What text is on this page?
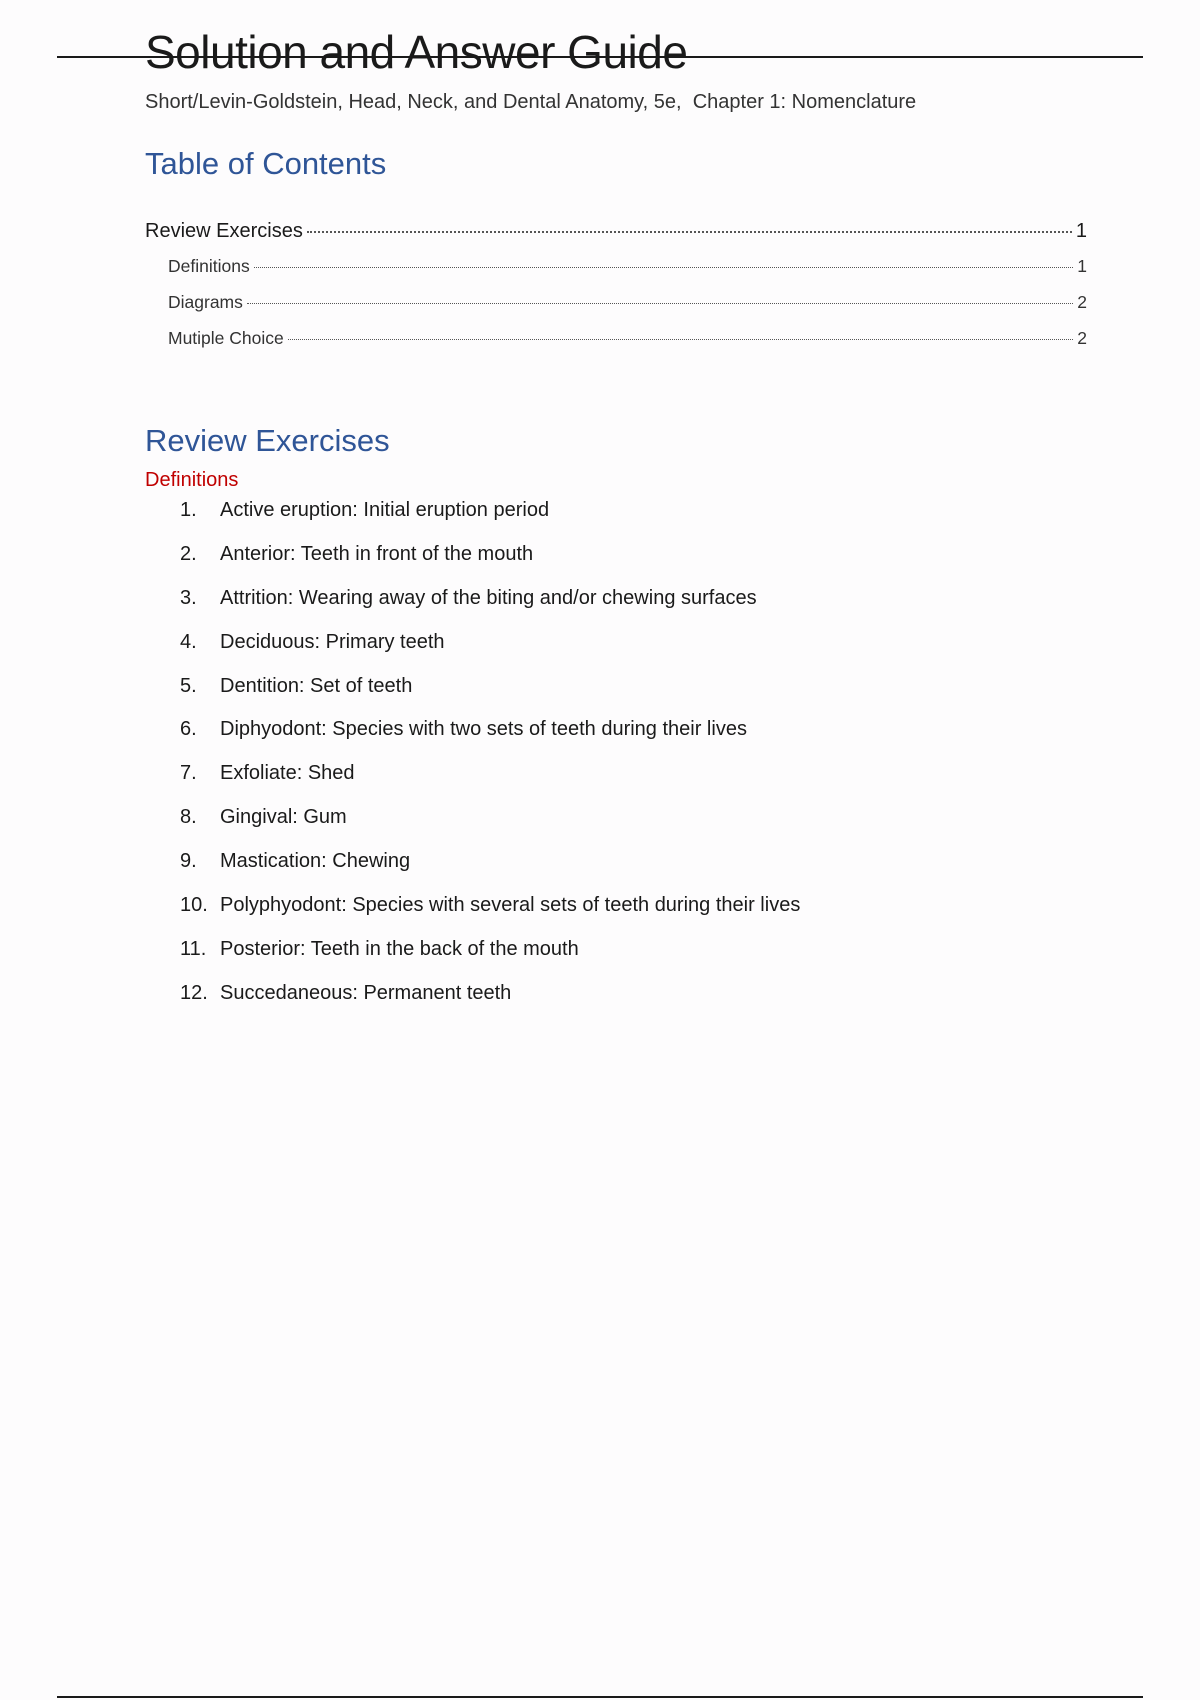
Solution and Answer Guide
Short/Levin-Goldstein, Head, Neck, and Dental Anatomy, 5e,  Chapter 1: Nomenclature
Table of Contents
Review Exercises	1
Definitions	1
Diagrams	2
Mutiple Choice	2
Review Exercises
Definitions
1.	Active eruption: Initial eruption period
2.	Anterior: Teeth in front of the mouth
3.	Attrition: Wearing away of the biting and/or chewing surfaces
4.	Deciduous: Primary teeth
5.	Dentition: Set of teeth
6.	Diphyodont: Species with two sets of teeth during their lives
7.	Exfoliate: Shed
8.	Gingival: Gum
9.	Mastication: Chewing
10. Polyphyodont: Species with several sets of teeth during their lives
11. Posterior: Teeth in the back of the mouth
12. Succedaneous: Permanent teeth
